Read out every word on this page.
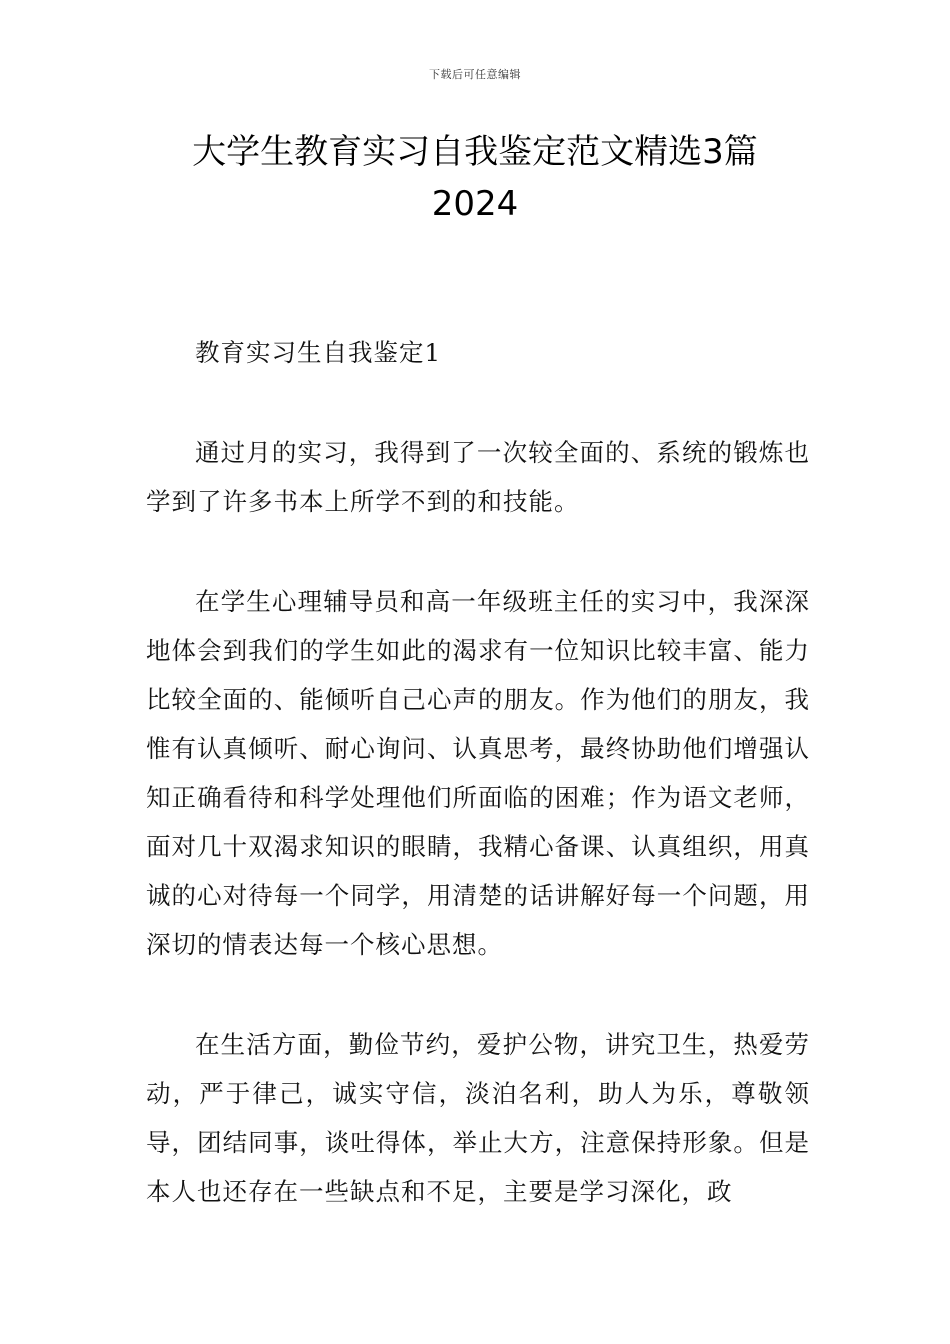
下载后可任意编辑
大学生教育实习自我鉴定范文精选3篇
2024

教育实习生自我鉴定1

通过月的实习，我得到了一次较全面的、系统的锻炼也学到了许多书本上所学不到的和技能。

在学生心理辅导员和高一年级班主任的实习中，我深深地体会到我们的学生如此的渴求有一位知识比较丰富、能力比较全面的、能倾听自己心声的朋友。作为他们的朋友，我惟有认真倾听、耐心询问、认真思考，最终协助他们增强认知正确看待和科学处理他们所面临的困难；作为语文老师，面对几十双渴求知识的眼睛，我精心备课、认真组织，用真诚的心对待每一个同学，用清楚的话讲解好每一个问题，用深切的情表达每一个核心思想。

在生活方面，勤俭节约，爱护公物，讲究卫生，热爱劳动，严于律己，诚实守信，淡泊名利，助人为乐，尊敬领导，团结同事，谈吐得体，举止大方，注意保持形象。但是本人也还存在一些缺点和不足，主要是学习深化，政
